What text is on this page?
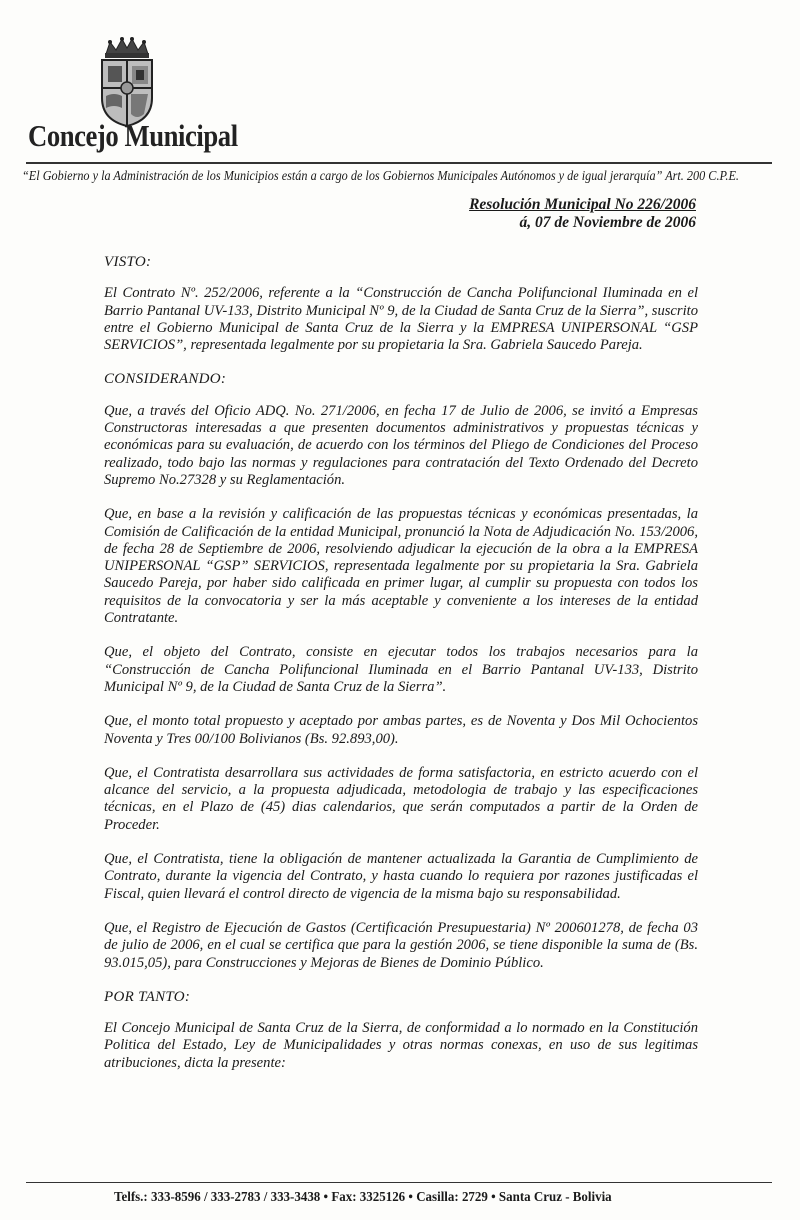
Concejo Municipal
“El Gobierno y la Administración de los Municipios están a cargo de los Gobiernos Municipales Autónomos y de igual jerarquía” Art. 200 C.P.E.
Resolución Municipal No 226/2006
á, 07 de Noviembre de 2006
VISTO:

El Contrato Nº. 252/2006, referente a la “Construcción de Cancha Polifuncional Iluminada en el Barrio Pantanal UV-133, Distrito Municipal Nº 9, de la Ciudad de Santa Cruz de la Sierra”, suscrito entre el Gobierno Municipal de Santa Cruz de la Sierra y la EMPRESA UNIPERSONAL “GSP SERVICIOS”, representada legalmente por su propietaria la Sra. Gabriela Saucedo Pareja.

CONSIDERANDO:

Que, a través del Oficio ADQ. No. 271/2006, en fecha 17 de Julio de 2006, se invitó a Empresas Constructoras interesadas a que presenten documentos administrativos y propuestas técnicas y económicas para su evaluación, de acuerdo con los términos del Pliego de Condiciones del Proceso realizado, todo bajo las normas y regulaciones para contratación del Texto Ordenado del Decreto Supremo No.27328 y su Reglamentación.

Que, en base a la revisión y calificación de las propuestas técnicas y económicas presentadas, la Comisión de Calificación de la entidad Municipal, pronunció la Nota de Adjudicación No. 153/2006, de fecha 28 de Septiembre de 2006, resolviendo adjudicar la ejecución de la obra a la EMPRESA UNIPERSONAL “GSP” SERVICIOS, representada legalmente por su propietaria la Sra. Gabriela Saucedo Pareja, por haber sido calificada en primer lugar, al cumplir su propuesta con todos los requisitos de la convocatoria y ser la más aceptable y conveniente a los intereses de la entidad Contratante.

Que, el objeto del Contrato, consiste en ejecutar todos los trabajos necesarios para la “Construcción de Cancha Polifuncional Iluminada en el Barrio Pantanal UV-133, Distrito Municipal Nº 9, de la Ciudad de Santa Cruz de la Sierra”.

Que, el monto total propuesto y aceptado por ambas partes, es de Noventa y Dos Mil Ochocientos Noventa y Tres 00/100 Bolivianos (Bs. 92.893,00).

Que, el Contratista desarrollara sus actividades de forma satisfactoria, en estricto acuerdo con el alcance del servicio, a la propuesta adjudicada, metodologia de trabajo y las especificaciones técnicas, en el Plazo de (45) dias calendarios, que serán computados a partir de la Orden de Proceder.

Que, el Contratista, tiene la obligación de mantener actualizada la Garantia de Cumplimiento de Contrato, durante la vigencia del Contrato, y hasta cuando lo requiera por razones justificadas el Fiscal, quien llevará el control directo de vigencia de la misma bajo su responsabilidad.

Que, el Registro de Ejecución de Gastos (Certificación Presupuestaria) Nº 200601278, de fecha 03 de julio de 2006, en el cual se certifica que para la gestión 2006, se tiene disponible la suma de (Bs. 93.015,05), para Construcciones y Mejoras de Bienes de Dominio Público.

POR TANTO:

El Concejo Municipal de Santa Cruz de la Sierra, de conformidad a lo normado en la Constitución Politica del Estado, Ley de Municipalidades y otras normas conexas, en uso de sus legitimas atribuciones, dicta la presente:

Telfs.: 333-8596 / 333-2783 / 333-3438 • Fax: 3325126 • Casilla: 2729 • Santa Cruz - Bolivia
